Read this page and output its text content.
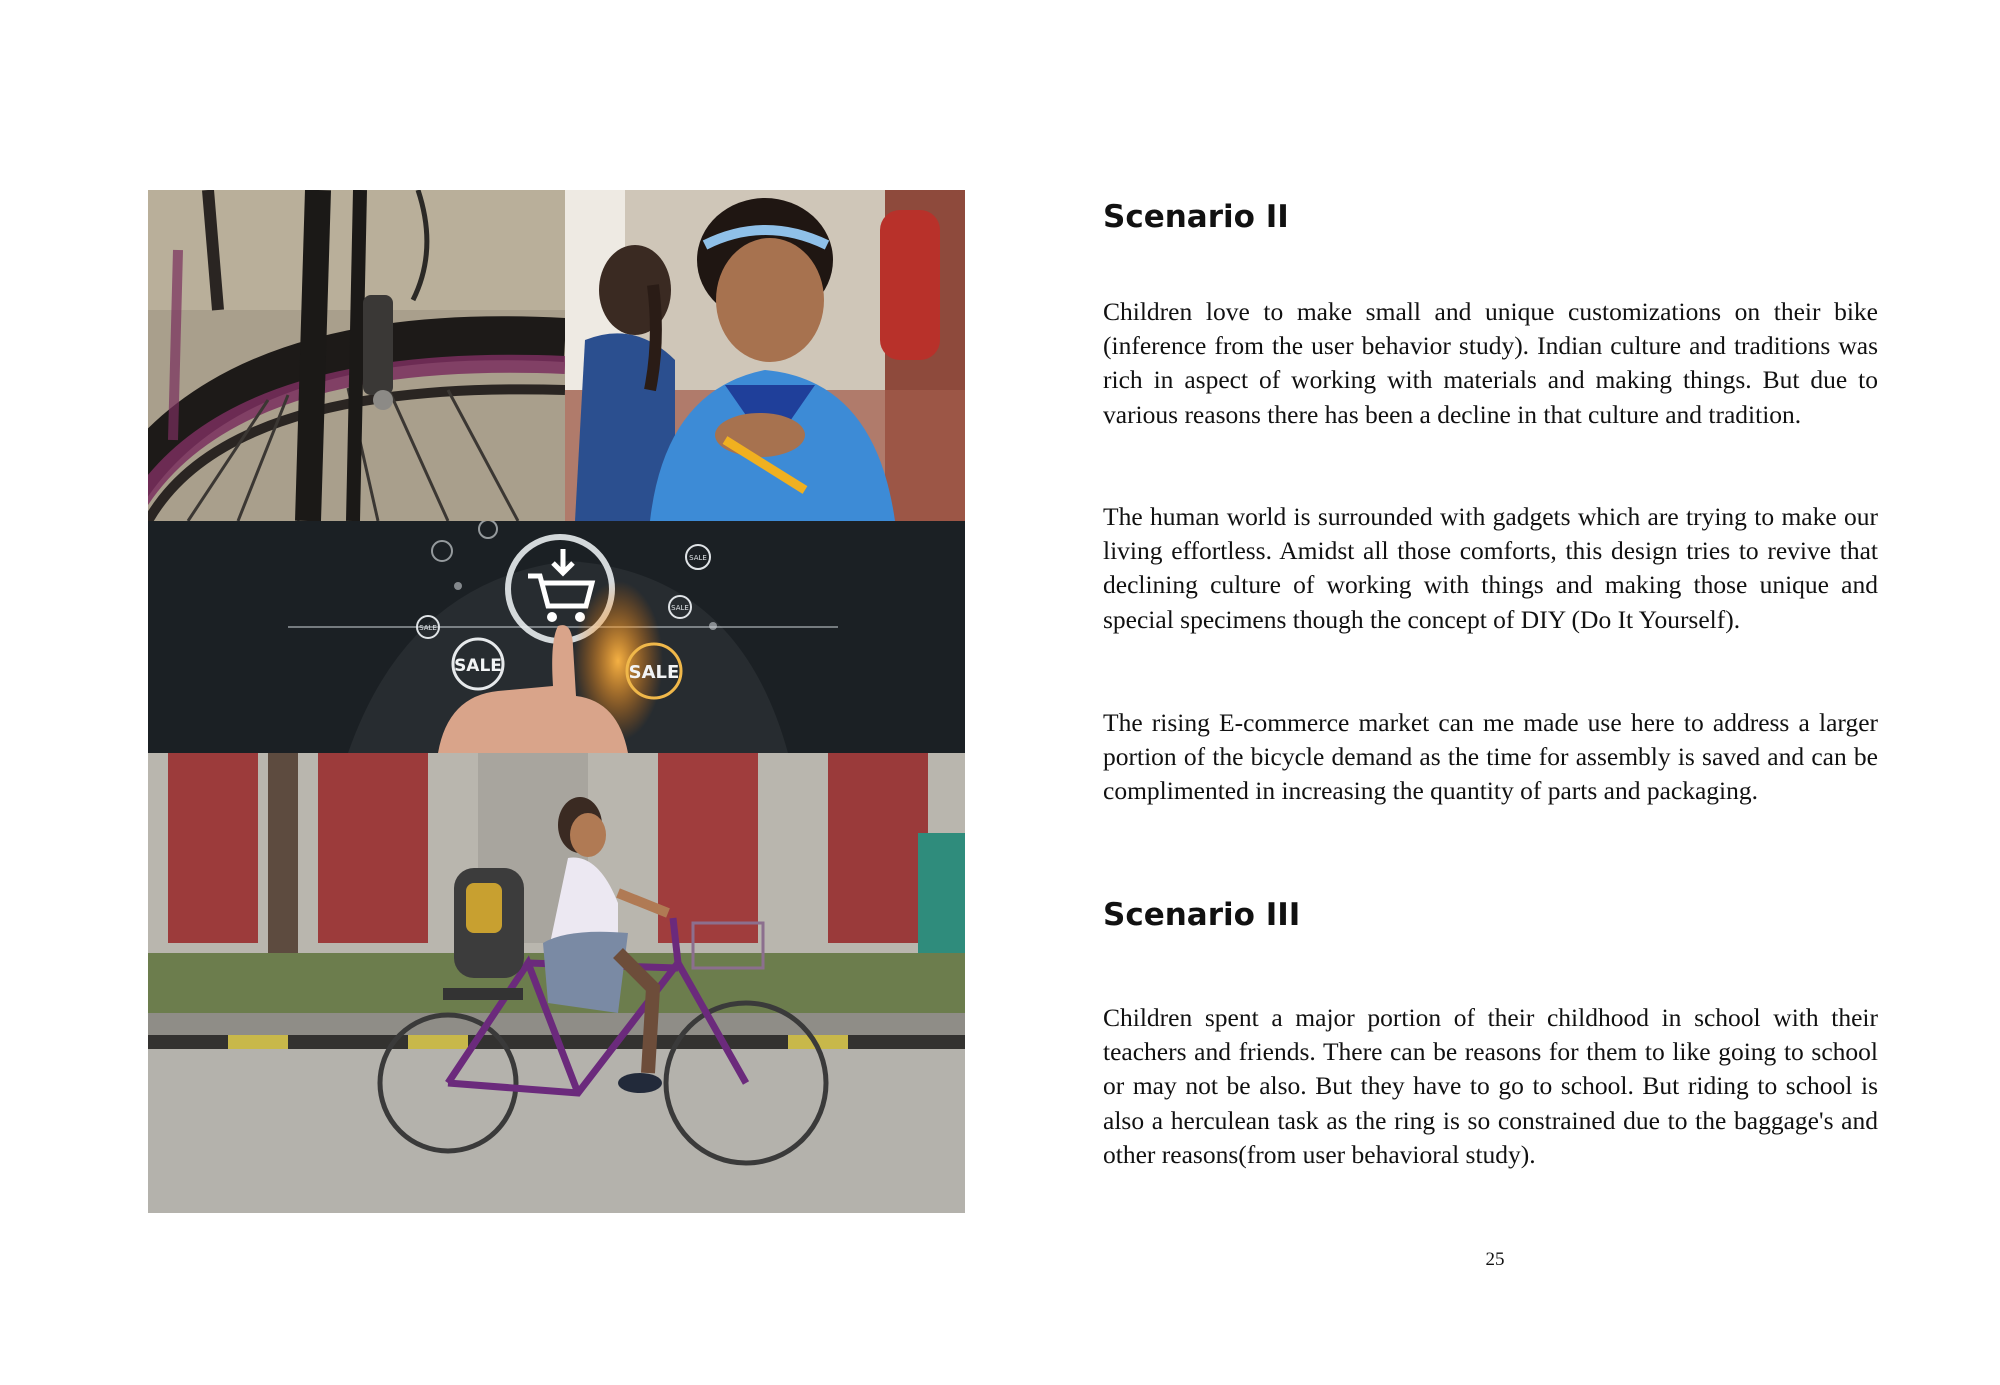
SALE	SALE
SALE
SALE
SALE
Scenario II

Children love to make small and unique customizations on their bike (inference from the user behavior study). Indian culture and traditions was rich in aspect of working with materials and making things. But due to various reasons there has been a decline in that culture and tradition.

The human world is surrounded with gadgets which are trying to make our living effortless. Amidst all those comforts, this design tries to revive that declining culture of working with things and making those unique and special specimens though the concept of DIY (Do It Yourself).

The rising E-commerce market can me made use here to address a larger portion of the bicycle demand as the time for assembly is saved and can be complimented in increasing the quantity of parts and packaging.

Scenario III

Children spent a major portion of their childhood in school with their teachers and friends. There can be reasons for them to like going to school or may not be also. But they have to go to school. But riding to school is also a herculean task as the ring is so constrained due to the baggage's and other reasons(from user behavioral study).

25
